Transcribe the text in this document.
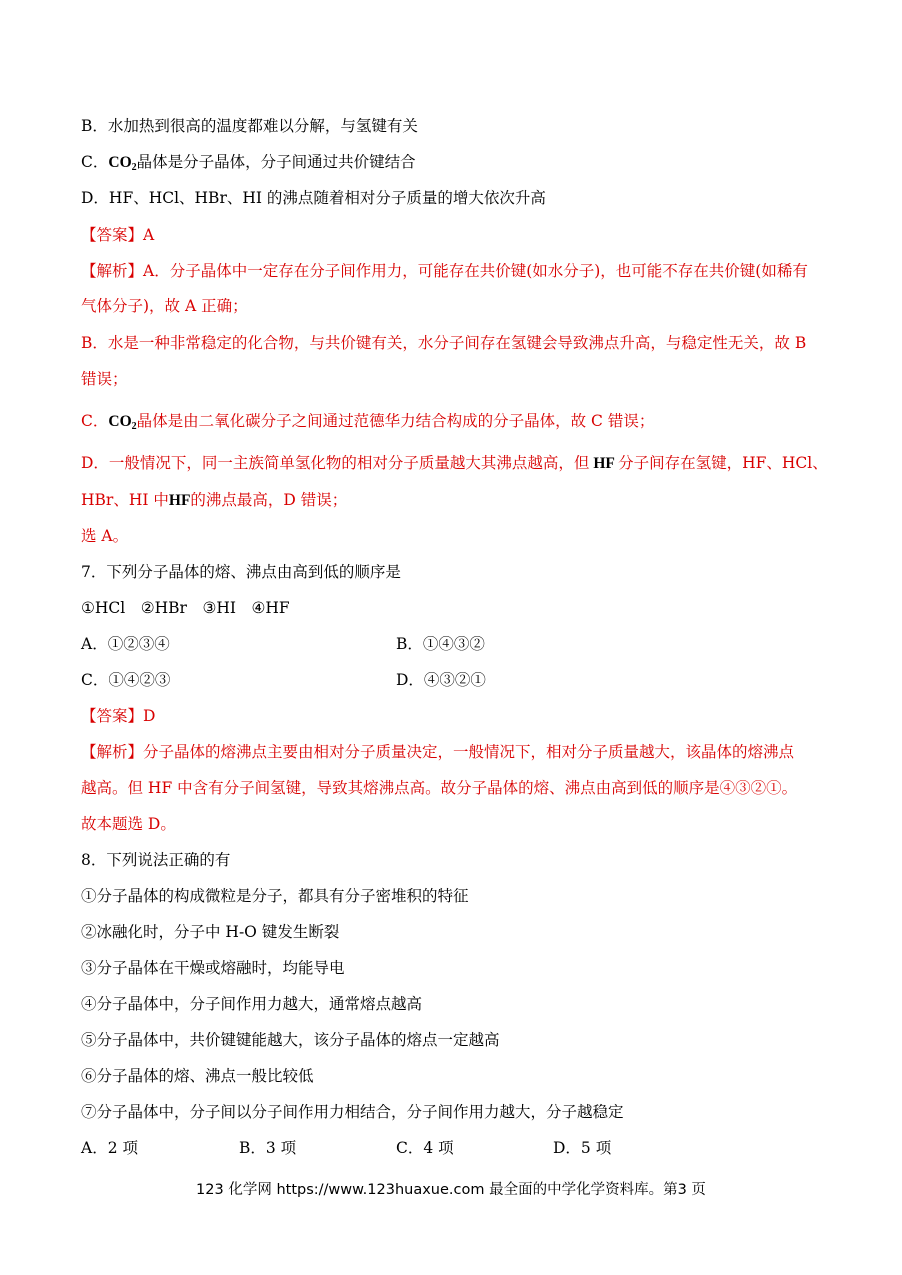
B．水加热到很高的温度都难以分解，与氢键有关
C．$CO_2$晶体是分子晶体，分子间通过共价键结合
D．HF、HCl、HBr、HI 的沸点随着相对分子质量的增大依次升高
【答案】A
【解析】A．分子晶体中一定存在分子间作用力，可能存在共价键(如水分子)，也可能不存在共价键(如稀有
气体分子)，故 A 正确；
B．水是一种非常稳定的化合物，与共价键有关，水分子间存在氢键会导致沸点升高，与稳定性无关，故 B
错误；
C．$CO_2$晶体是由二氧化碳分子之间通过范德华力结合构成的分子晶体，故 C 错误；
D．一般情况下，同一主族简单氢化物的相对分子质量越大其沸点越高，但 HF 分子间存在氢键，HF、HCl、
HBr、HI 中HF的沸点最高，D 错误；
选 A。
7．下列分子晶体的熔、沸点由高到低的顺序是
①HCl　②HBr　③HI　④HF
A．①②③④	B．①④③②
C．①④②③	D．④③②①
【答案】D
【解析】分子晶体的熔沸点主要由相对分子质量决定，一般情况下，相对分子质量越大，该晶体的熔沸点
越高。但 HF 中含有分子间氢键，导致其熔沸点高。故分子晶体的熔、沸点由高到低的顺序是④③②①。
故本题选 D。
8．下列说法正确的有
①分子晶体的构成微粒是分子，都具有分子密堆积的特征
②冰融化时，分子中 H-O 键发生断裂
③分子晶体在干燥或熔融时，均能导电
④分子晶体中，分子间作用力越大，通常熔点越高
⑤分子晶体中，共价键键能越大，该分子晶体的熔点一定越高
⑥分子晶体的熔、沸点一般比较低
⑦分子晶体中，分子间以分子间作用力相结合，分子间作用力越大，分子越稳定
A．2 项	B．3 项	C．4 项	D．5 项
123 化学网 https://www.123huaxue.com 最全面的中学化学资料库。第3 页
